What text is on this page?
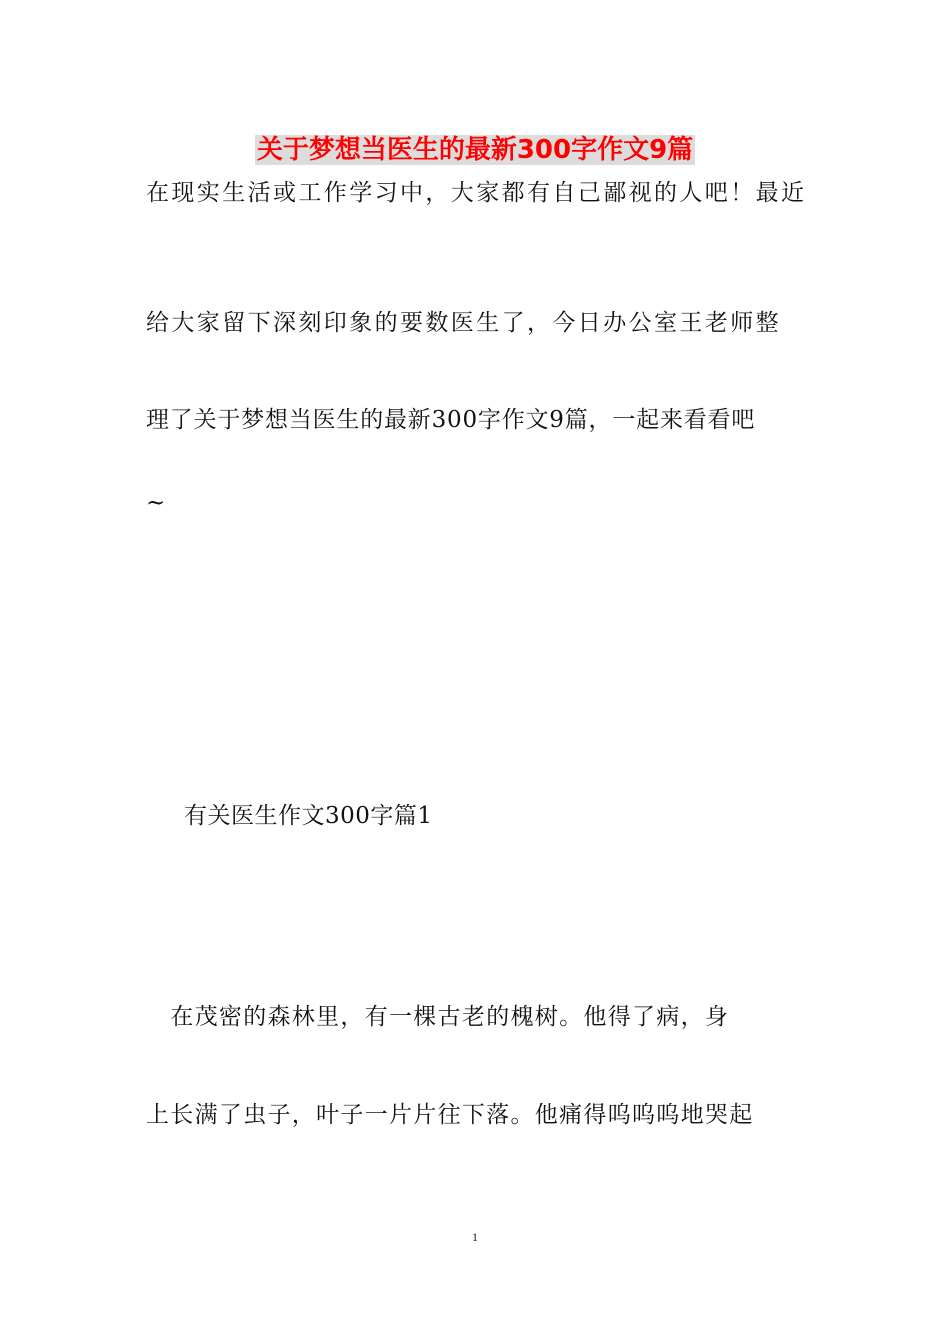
关于梦想当医生的最新300字作文9篇

在现实生活或工作学习中，大家都有自己鄙视的人吧！最近

给大家留下深刻印象的要数医生了，今日办公室王老师整

理了关于梦想当医生的最新300字作文9篇，一起来看看吧

~

有关医生作文300字篇1

　在茂密的森林里，有一棵古老的槐树。他得了病，身

上长满了虫子，叶子一片片往下落。他痛得呜呜呜地哭起

1
